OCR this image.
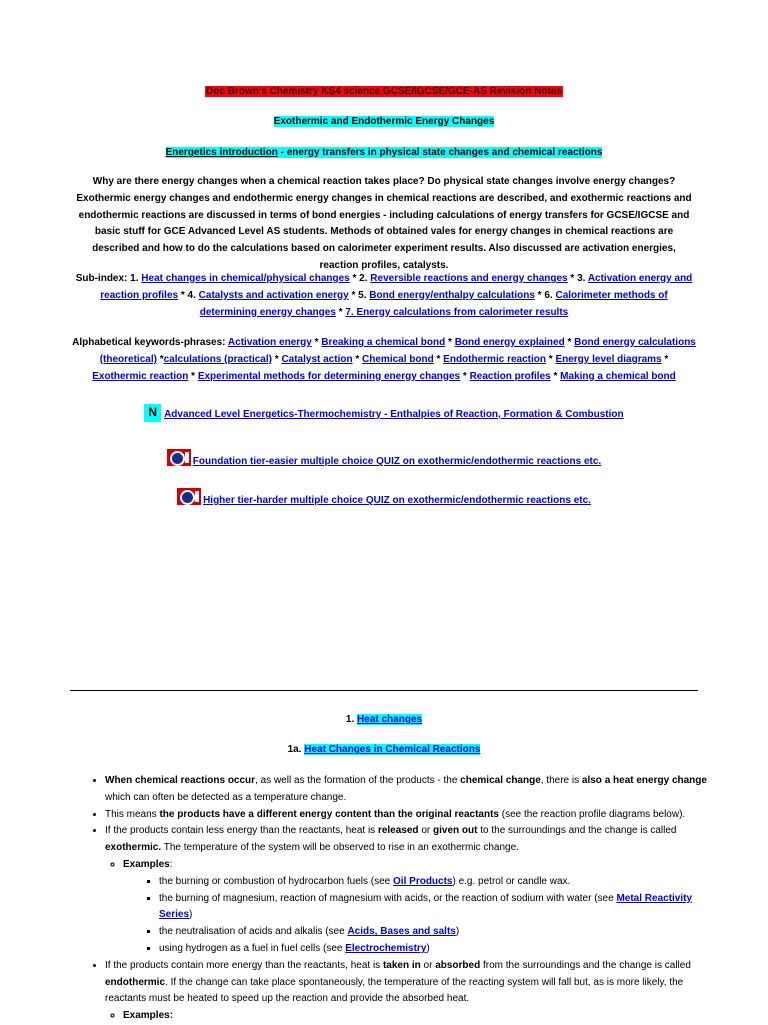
Doc Brown's Chemistry KS4 science GCSE/IGCSE/GCE-AS Revision Notes
Exothermic and Endothermic Energy Changes
Energetics introduction - energy transfers in physical state changes and chemical reactions
Why are there energy changes when a chemical reaction takes place? Do physical state changes involve energy changes? Exothermic energy changes and endothermic energy changes in chemical reactions are described, and exothermic reactions and endothermic reactions are discussed in terms of bond energies - including calculations of energy transfers for GCSE/IGCSE and basic stuff for GCE Advanced Level AS students. Methods of obtained vales for energy changes in chemical reactions are described and how to do the calculations based on calorimeter experiment results. Also discussed are activation energies, reaction profiles, catalysts.
Sub-index: 1. Heat changes in chemical/physical changes * 2. Reversible reactions and energy changes * 3. Activation energy and reaction profiles * 4. Catalysts and activation energy * 5. Bond energy/enthalpy calculations * 6. Calorimeter methods of determining energy changes * 7. Energy calculations from calorimeter results
Alphabetical keywords-phrases: Activation energy * Breaking a chemical bond * Bond energy explained * Bond energy calculations (theoretical) *calculations (practical) * Catalyst action * Chemical bond * Endothermic reaction * Energy level diagrams * Exothermic reaction * Experimental methods for determining energy changes * Reaction profiles * Making a chemical bond
N Advanced Level Energetics-Thermochemistry - Enthalpies of Reaction, Formation & Combustion
Foundation tier-easier multiple choice QUIZ on exothermic/endothermic reactions etc.
Higher tier-harder multiple choice QUIZ on exothermic/endothermic reactions etc.
1. Heat changes
1a. Heat Changes in Chemical Reactions
• When chemical reactions occur, as well as the formation of the products - the chemical change, there is also a heat energy change which can often be detected as a temperature change.
• This means the products have a different energy content than the original reactants (see the reaction profile diagrams below).
• If the products contain less energy than the reactants, heat is released or given out to the surroundings and the change is called exothermic. The temperature of the system will be observed to rise in an exothermic change.
◦ Examples:
▪ the burning or combustion of hydrocarbon fuels (see Oil Products) e.g. petrol or candle wax.
▪ the burning of magnesium, reaction of magnesium with acids, or the reaction of sodium with water (see Metal Reactivity Series)
▪ the neutralisation of acids and alkalis (see Acids, Bases and salts)
▪ using hydrogen as a fuel in fuel cells (see Electrochemistry)
• If the products contain more energy than the reactants, heat is taken in or absorbed from the surroundings and the change is called endothermic. If the change can take place spontaneously, the temperature of the reacting system will fall but, as is more likely, the reactants must be heated to speed up the reaction and provide the absorbed heat.
◦ Examples:
